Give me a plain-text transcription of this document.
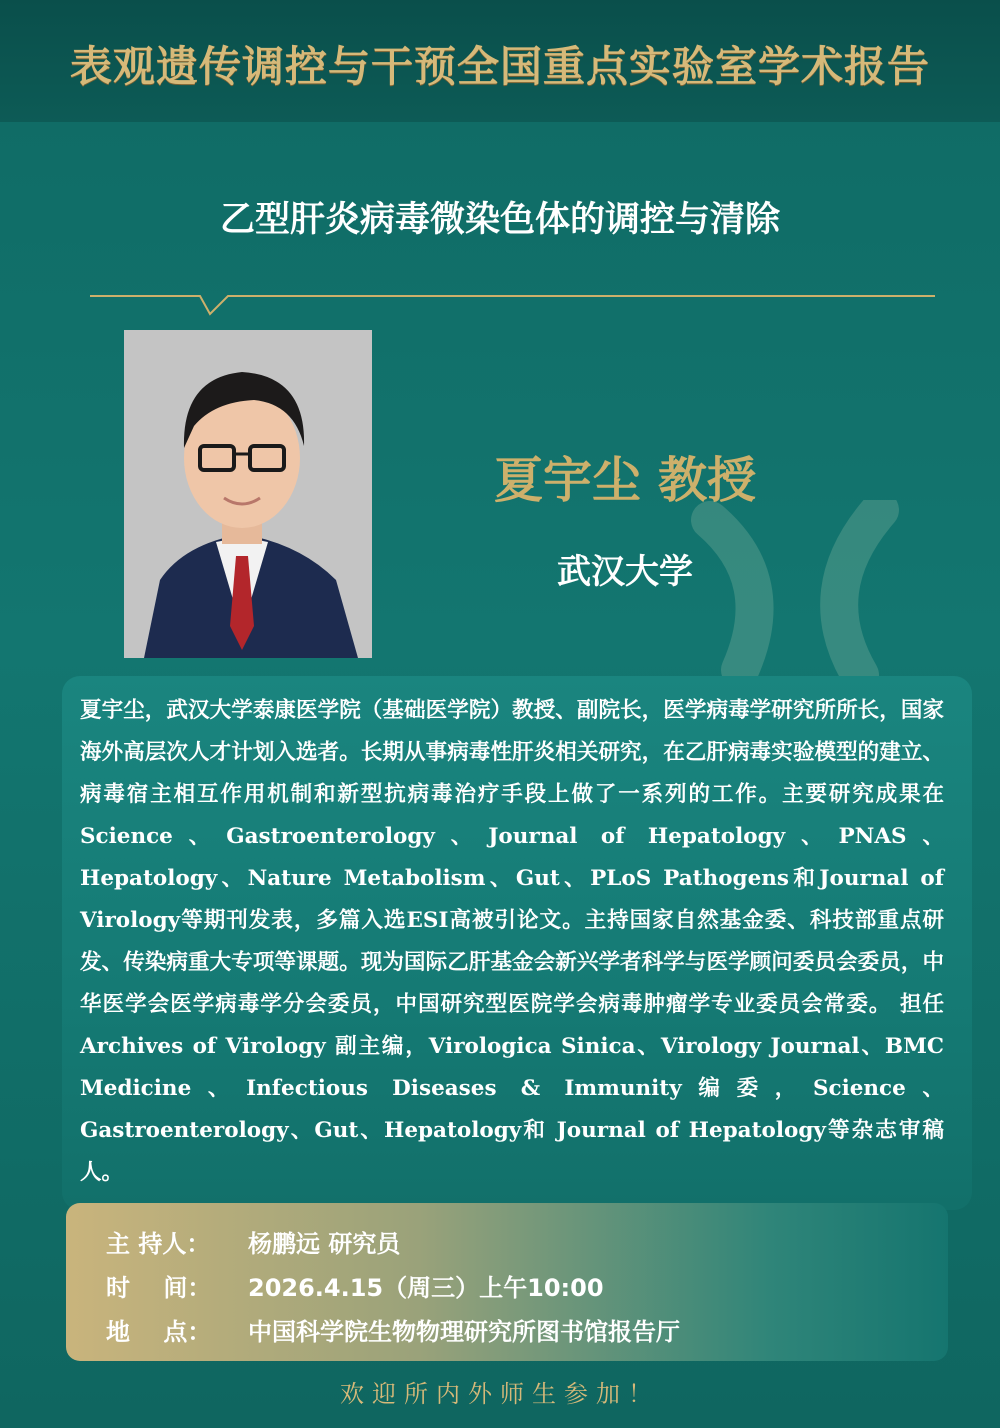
表观遗传调控与干预全国重点实验室学术报告
乙型肝炎病毒微染色体的调控与清除
夏宇尘 教授
武汉大学

夏宇尘，武汉大学泰康医学院（基础医学院）教授、副院长，医学病毒学研究所所长，国家海外高层次人才计划入选者。长期从事病毒性肝炎相关研究，在乙肝病毒实验模型的建立、病毒宿主相互作用机制和新型抗病毒治疗手段上做了一系列的工作。主要研究成果在Science、Gastroenterology、Journal of Hepatology、PNAS、Hepatology、Nature Metabolism、Gut、PLoS Pathogens和Journal of Virology等期刊发表，多篇入选ESI高被引论文。主持国家自然基金委、科技部重点研发、传染病重大专项等课题。现为国际乙肝基金会新兴学者科学与医学顾问委员会委员，中华医学会医学病毒学分会委员，中国研究型医院学会病毒肿瘤学专业委员会常委。 担任Archives of Virology 副主编，Virologica Sinica、Virology Journal、BMC Medicine、Infectious Diseases & Immunity编委，Science、Gastroenterology、Gut、Hepatology和 Journal of Hepatology等杂志审稿人。

主 持人： 杨鹏远 研究员
时    间： 2026.4.15（周三）上午10:00
地    点： 中国科学院生物物理研究所图书馆报告厅
欢迎所内外师生参加！
